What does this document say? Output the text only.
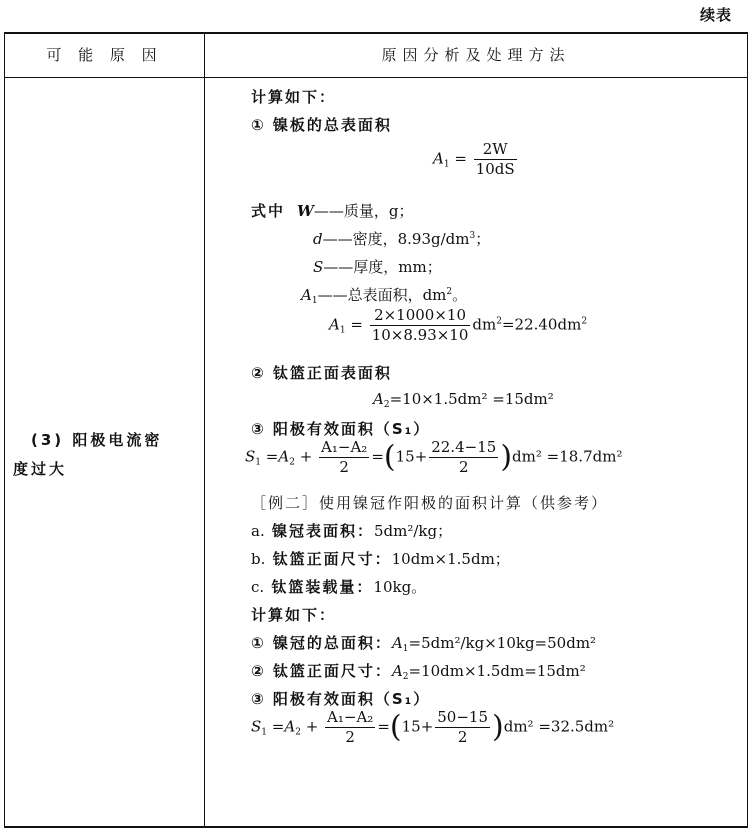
续表
可 能 原 因	原因分析及处理方法
(3) 阳极电流密
度过大
计算如下：
① 镍板的总表面积
$A_1 = \frac{2W}{10dS}$
式中 W——质量，g；
d——密度，$8.93g/dm^3$；
S——厚度，mm；
$A_1——$总表面积，$dm^2$。
$A_1 = \frac{2\times 1000\times 10}{10\times 8.93\times 10} dm^2=22.40dm^2$
② 钛篮正面表面积
$A_2=10\times 1.5dm^2 =15dm^2$
③ 阳极有效面积（S₁）
$S_1 =A_2 + \frac{\text{A₁−A₂}}{2} =(15+ \frac{22.4-15}{2} )dm^2 =18.7dm^2$
［例二］使用镍冠作阳极的面积计算（供参考）
a. 镍冠表面积：5dm²/kg；
b. 钛篮正面尺寸：10dm×1.5dm；
c. 钛篮装载量：10kg。
计算如下：
① 镍冠的总面积：$A_1=5dm^2/kg\times 10kg=50dm^2$
② 钛篮正面尺寸：$A_2=10dm\times 1.5dm=15dm^2$
③ 阳极有效面积（S₁）
$S_1 =A_2 + \frac{\text{A₁−A₂}}{2} =(15+ \frac{50-15}{2} )dm^2 =32.5dm^2$
